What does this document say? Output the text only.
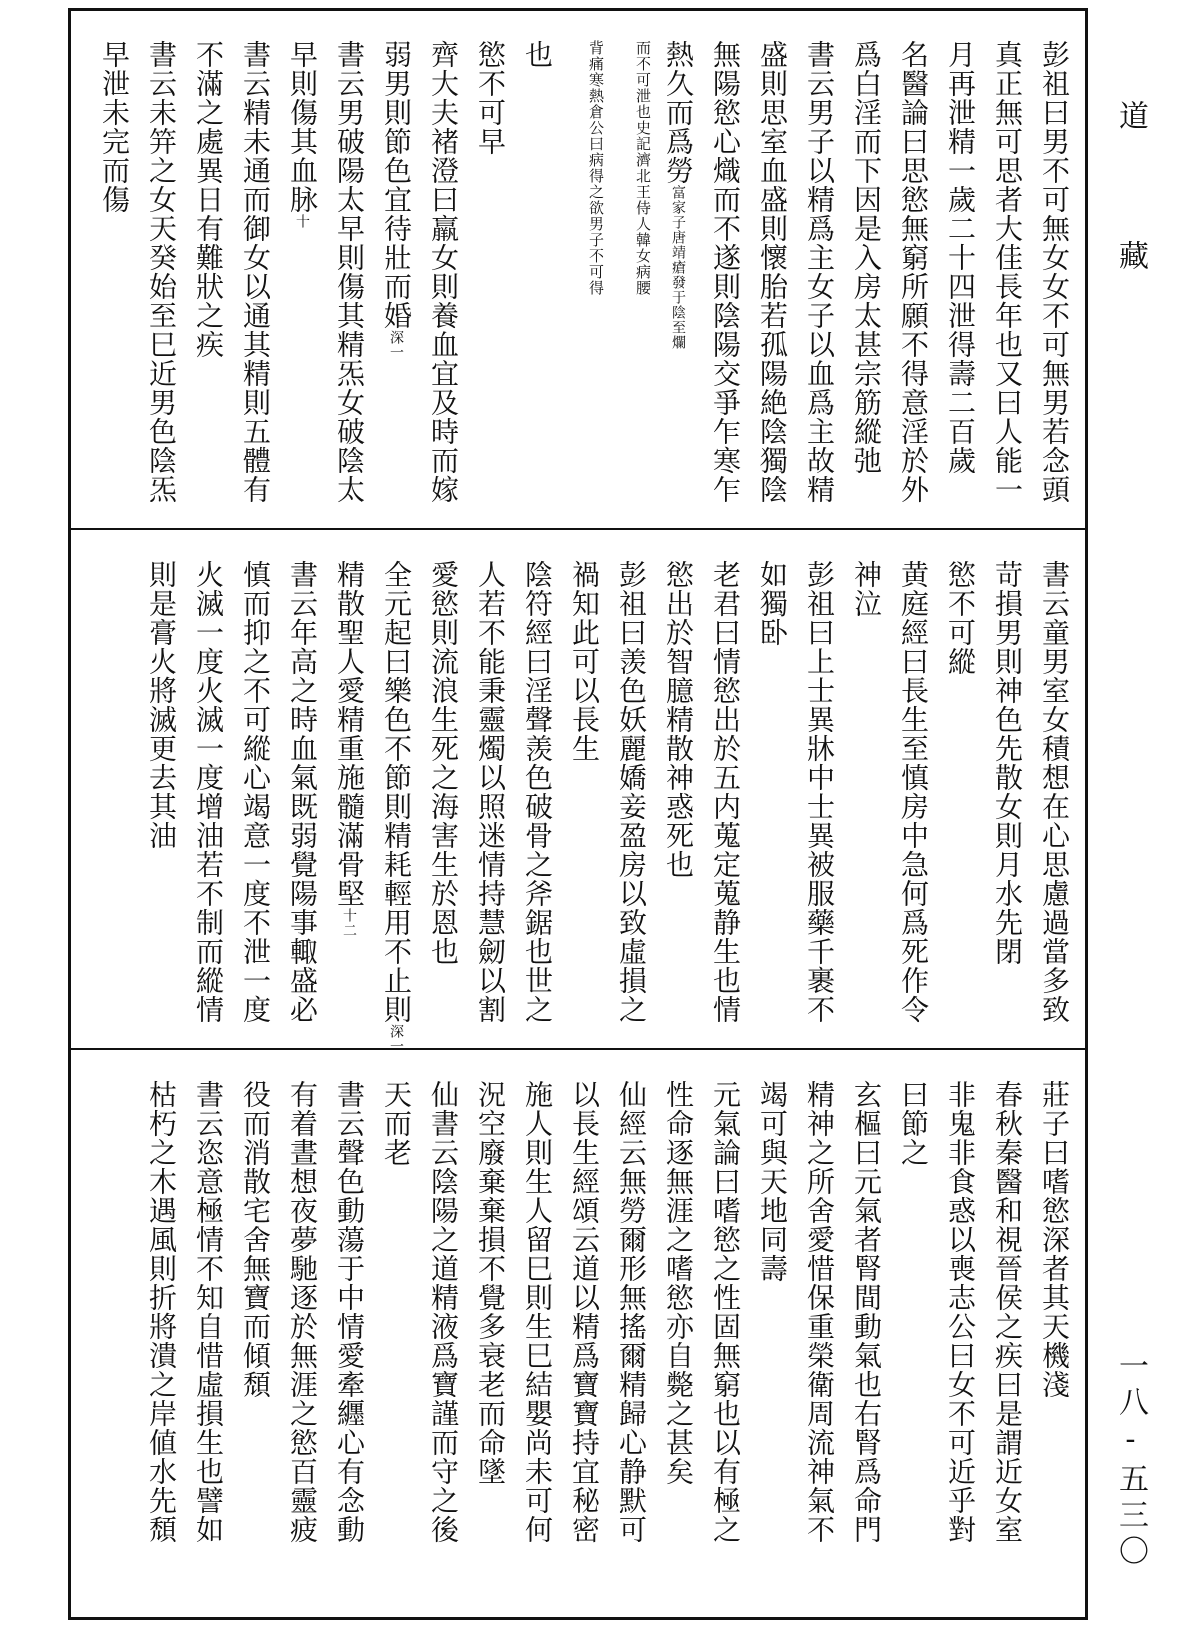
道藏
一八-五三〇
彭祖曰男不可無女女不可無男若念頭
真正無可思者大佳長年也又曰人能一
月再泄精一歲二十四泄得壽二百歲
名醫論曰思慾無窮所願不得意淫於外
爲白淫而下因是入房太甚宗筋縱弛
書云男子以精爲主女子以血爲主故精
盛則思室血盛則懷胎若孤陽絶陰獨陰
無陽慾心熾而不遂則陰陽交爭乍寒乍
熱久而爲勞富家子唐靖瘡發于陰至爛
而不可泄也史記濟北王侍人韓女病腰
背痛寒熱倉公曰病得之欲男子不可得
也
慾不可早
齊大夫褚澄曰羸女則養血宜及時而嫁
弱男則節色宜待壯而婚深一
書云男破陽太早則傷其精炁女破陰太
早則傷其血脉十
書云精未通而御女以通其精則五體有
不滿之處異日有難狀之疾
書云未笄之女天癸始至巳近男色陰炁
早泄未完而傷
書云童男室女積想在心思慮過當多致
苛損男則神色先散女則月水先閉
慾不可縱
黄庭經曰長生至慎房中急何爲死作令
神泣
彭祖曰上士異牀中士異被服藥千裹不
如獨卧
老君曰情慾出於五内蒐定蒐静生也情
慾出於智臆精散神惑死也
彭祖曰羡色妖麗嬌妾盈房以致虛損之
禍知此可以長生
陰符經曰淫聲羡色破骨之斧鋸也世之
人若不能秉靈燭以照迷情持慧劒以割
愛慾則流浪生死之海害生於恩也
全元起曰樂色不節則精耗輕用不止則深一
精散聖人愛精重施髓滿骨堅十二
書云年高之時血氣既弱覺陽事輙盛必
慎而抑之不可縱心竭意一度不泄一度
火滅一度火滅一度增油若不制而縱情
則是膏火將滅更去其油
莊子曰嗜慾深者其天機淺
春秋秦醫和視晉侯之疾曰是謂近女室
非鬼非食惑以喪志公曰女不可近乎對
曰節之
玄樞曰元氣者腎間動氣也右腎爲命門
精神之所舍愛惜保重榮衛周流神氣不
竭可與天地同壽
元氣論曰嗜慾之性固無窮也以有極之
性命逐無涯之嗜慾亦自斃之甚矣
仙經云無勞爾形無搖爾精歸心静默可
以長生經頌云道以精爲寶寶持宜秘密
施人則生人留巳則生巳結嬰尚未可何
況空廢棄棄損不覺多衰老而命墜
仙書云陰陽之道精液爲寶謹而守之後
天而老
書云聲色動蕩于中情愛牽纒心有念動
有着晝想夜夢馳逐於無涯之慾百靈疲
役而消散宅舍無寶而傾頹
書云恣意極情不知自惜虛損生也譬如
枯朽之木遇風則折將潰之岸値水先頹
